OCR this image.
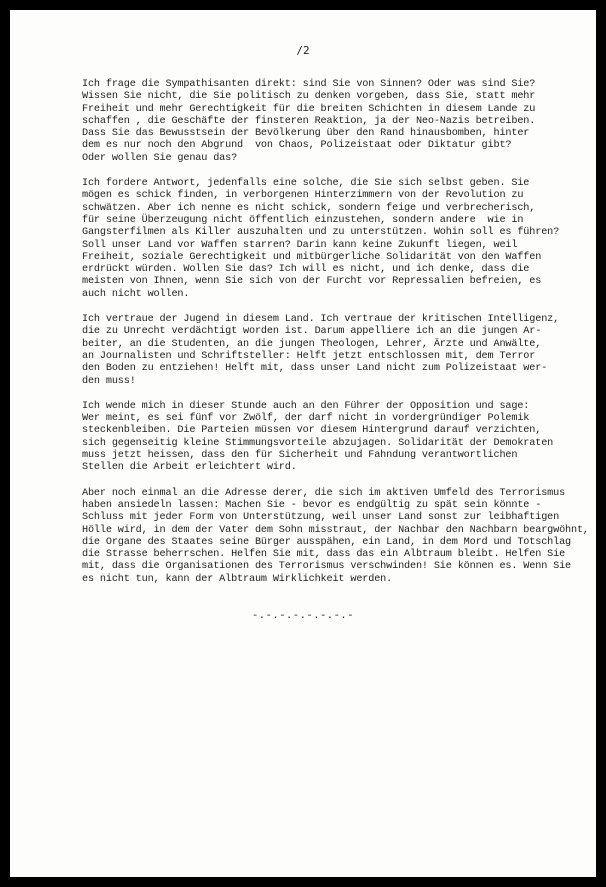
/2
Ich frage die Sympathisanten direkt: sind Sie von Sinnen? Oder was sind Sie?
Wissen Sie nicht, die Sie politisch zu denken vorgeben, dass Sie, statt mehr
Freiheit und mehr Gerechtigkeit für die breiten Schichten in diesem Lande zu
schaffen , die Geschäfte der finsteren Reaktion, ja der Neo-Nazis betreiben.
Dass Sie das Bewusstsein der Bevölkerung über den Rand hinausbomben, hinter
dem es nur noch den Abgrund  von Chaos, Polizeistaat oder Diktatur gibt?
Oder wollen Sie genau das?
Ich fordere Antwort, jedenfalls eine solche, die Sie sich selbst geben. Sie
mögen es schick finden, in verborgenen Hinterzimmern von der Revolution zu
schwätzen. Aber ich nenne es nicht schick, sondern feige und verbrecherisch,
für seine Überzeugung nicht öffentlich einzustehen, sondern andere  wie in
Gangsterfilmen als Killer auszuhalten und zu unterstützen. Wohin soll es führen?
Soll unser Land vor Waffen starren? Darin kann keine Zukunft liegen, weil
Freiheit, soziale Gerechtigkeit und mitbürgerliche Solidarität von den Waffen
erdrückt würden. Wollen Sie das? Ich will es nicht, und ich denke, dass die
meisten von Ihnen, wenn Sie sich von der Furcht vor Repressalien befreien, es
auch nicht wollen.
Ich vertraue der Jugend in diesem Land. Ich vertraue der kritischen Intelligenz,
die zu Unrecht verdächtigt worden ist. Darum appelliere ich an die jungen Ar-
beiter, an die Studenten, an die jungen Theologen, Lehrer, Ärzte und Anwälte,
an Journalisten und Schriftsteller: Helft jetzt entschlossen mit, dem Terror
den Boden zu entziehen! Helft mit, dass unser Land nicht zum Polizeistaat wer-
den muss!
Ich wende mich in dieser Stunde auch an den Führer der Opposition und sage:
Wer meint, es sei fünf vor Zwölf, der darf nicht in vordergründiger Polemik
steckenbleiben. Die Parteien müssen vor diesem Hintergrund darauf verzichten,
sich gegenseitig kleine Stimmungsvorteile abzujagen. Solidarität der Demokraten
muss jetzt heissen, dass den für Sicherheit und Fahndung verantwortlichen
Stellen die Arbeit erleichtert wird.
Aber noch einmal an die Adresse derer, die sich im aktiven Umfeld des Terrorismus
haben ansiedeln lassen: Machen Sie - bevor es endgültig zu spät sein könnte -
Schluss mit jeder Form von Unterstützung, weil unser Land sonst zur leibhaftigen
Hölle wird, in dem der Vater dem Sohn misstraut, der Nachbar den Nachbarn beargwöhnt,
die Organe des Staates seine Bürger ausspähen, ein Land, in dem Mord und Totschlag
die Strasse beherrschen. Helfen Sie mit, dass das ein Albtraum bleibt. Helfen Sie
mit, dass die Organisationen des Terrorismus verschwinden! Sie können es. Wenn Sie
es nicht tun, kann der Albtraum Wirklichkeit werden.
-.-.-.-.-.-.-.-
